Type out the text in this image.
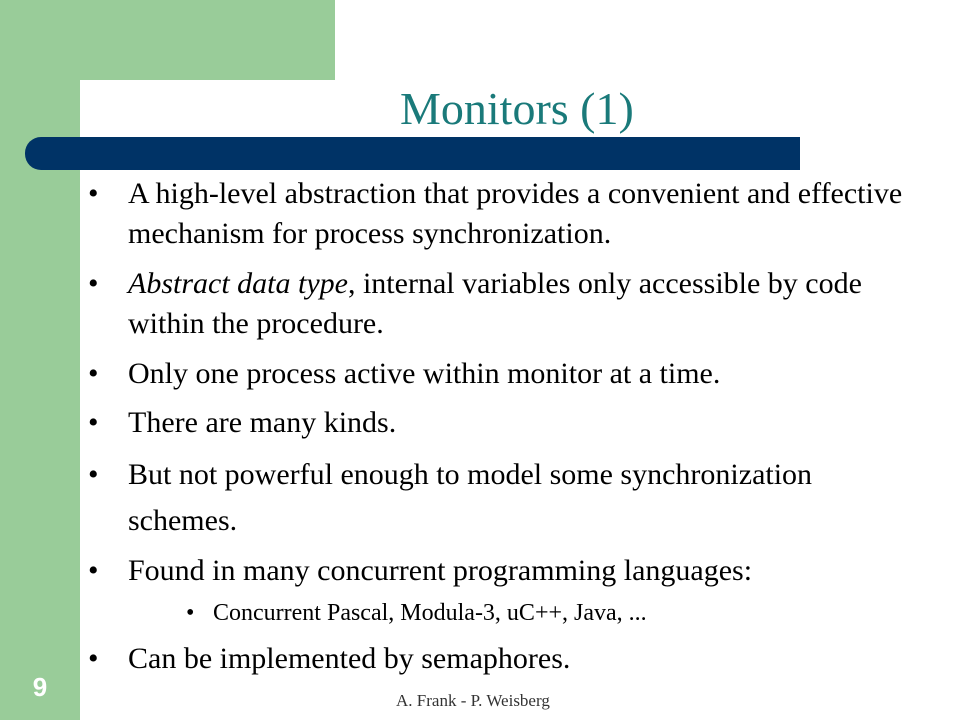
Monitors (1)
• A high-level abstraction that provides a convenient and effective mechanism for process synchronization.
• Abstract data type, internal variables only accessible by code within the procedure.
• Only one process active within monitor at a time.
• There are many kinds.
• But not powerful enough to model some synchronization schemes.
• Found in many concurrent programming languages:
• Concurrent Pascal, Modula-3, uC++, Java, ...
• Can be implemented by semaphores.
9	A. Frank - P. Weisberg
